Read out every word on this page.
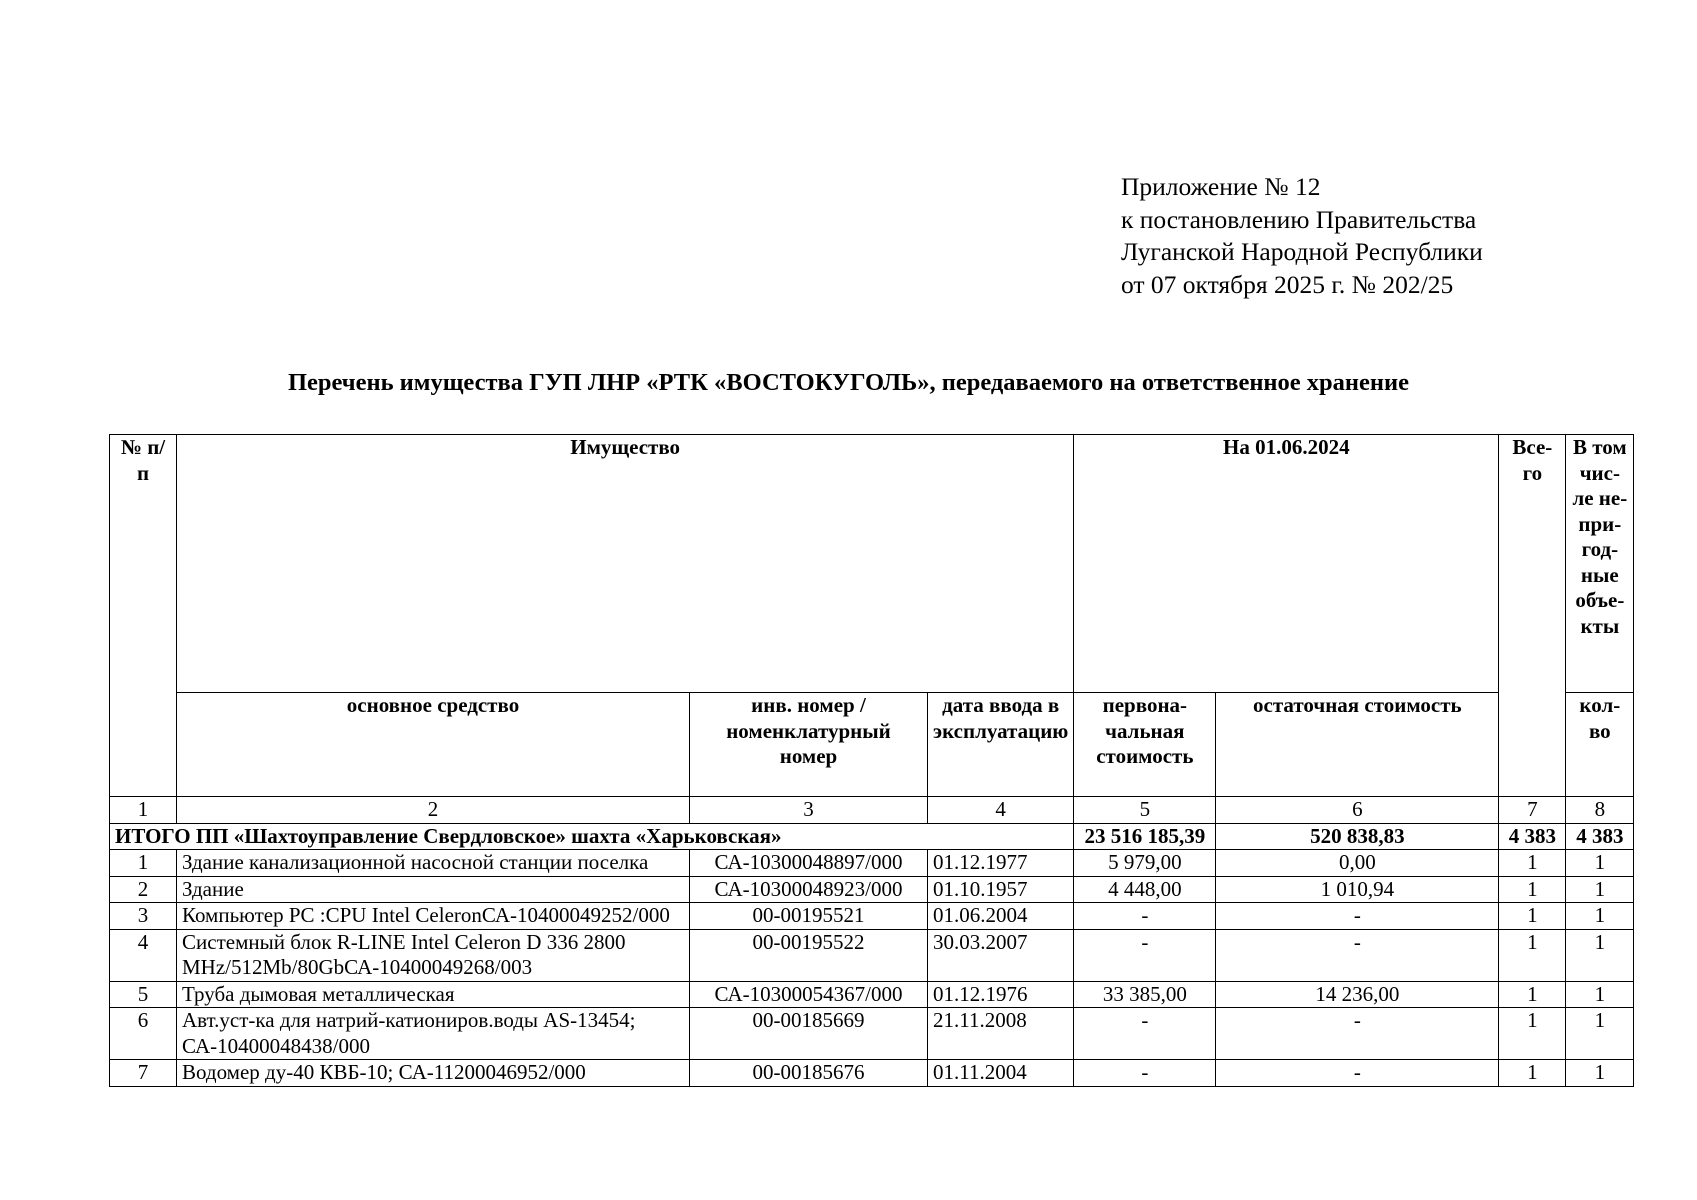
Приложение № 12
к постановлению Правительства
Луганской Народной Республики
от 07 октября 2025 г. № 202/25
Перечень имущества ГУП ЛНР «РТК «ВОСТОКУГОЛЬ», передаваемого на ответственное хранение
№ п/п	Имущество			На 01.06.2024		Все-го	В том чис-ле не-при-год-ные объе-кты
	основное средство	инв. номер / номенклатурный номер	дата ввода в эксплуатацию	первона-чальная стоимость	остаточная стоимость		кол-во
1	2	3	4	5	6	7	8
ИТОГО ПП «Шахтоуправление Свердловское» шахта «Харьковская»				23 516 185,39	520 838,83	4 383	4 383
1	Здание канализационной насосной станции поселка	СА-10300048897/000	01.12.1977	5 979,00	0,00	1	1
2	Здание	СА-10300048923/000	01.10.1957	4 448,00	1 010,94	1	1
3	Компьютер PC :CPU Intel CeleronСА-10400049252/000	00-00195521	01.06.2004	-	-	1	1
4	Системный блок R-LINE Intel Celeron D 336 2800 MHz/512Mb/80GbСА-10400049268/003	00-00195522	30.03.2007	-	-	1	1
5	Труба дымовая металлическая	СА-10300054367/000	01.12.1976	33 385,00	14 236,00	1	1
6	Авт.уст-ка для натрий-катиониров.воды AS-13454; СА-10400048438/000	00-00185669	21.11.2008	-	-	1	1
7	Водомер ду-40 КВБ-10; СА-11200046952/000	00-00185676	01.11.2004	-	-	1	1
